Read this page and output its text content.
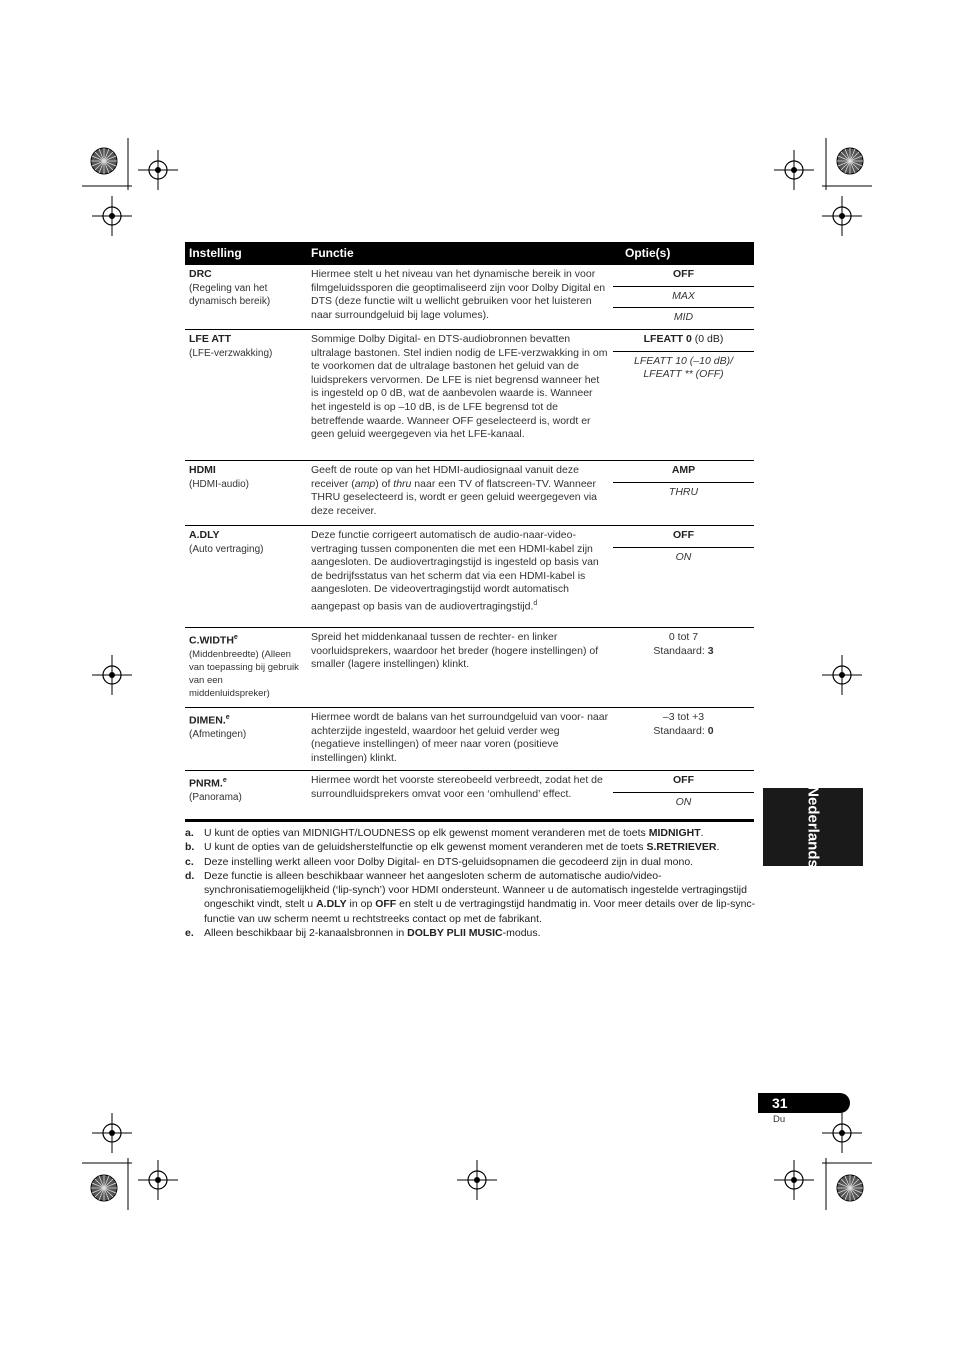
Instelling	Functie	Optie(s)
DRC
(Regeling van het dynamisch bereik)
Hiermee stelt u het niveau van het dynamische bereik in voor filmgeluidssporen die geoptimaliseerd zijn voor Dolby Digital en DTS (deze functie wilt u wellicht gebruiken voor het luisteren naar surroundgeluid bij lage volumes).
OFF
MAX
MID
LFE ATT
(LFE-verzwakking)
Sommige Dolby Digital- en DTS-audiobronnen bevatten ultralage bastonen. Stel indien nodig de LFE-verzwakking in om te voorkomen dat de ultralage bastonen het geluid van de luidsprekers vervormen. De LFE is niet begrensd wanneer het is ingesteld op 0 dB, wat de aanbevolen waarde is. Wanneer het ingesteld is op –10 dB, is de LFE begrensd tot de betreffende waarde. Wanneer OFF geselecteerd is, wordt er geen geluid weergegeven via het LFE-kanaal.
LFEATT 0 (0 dB)
LFEATT 10 (–10 dB)/ LFEATT ** (OFF)
HDMI
(HDMI-audio)
Geeft de route op van het HDMI-audiosignaal vanuit deze receiver (amp) of thru naar een TV of flatscreen-TV. Wanneer THRU geselecteerd is, wordt er geen geluid weergegeven via deze receiver.
AMP
THRU
A.DLY
(Auto vertraging)
Deze functie corrigeert automatisch de audio-naar-video-vertraging tussen componenten die met een HDMI-kabel zijn aangesloten. De audiovertragingstijd is ingesteld op basis van de bedrijfsstatus van het scherm dat via een HDMI-kabel is aangesloten. De videovertragingstijd wordt automatisch aangepast op basis van de audiovertragingstijd.$^d$
OFF
ON
C.WIDTH$^e$
(Middenbreedte) (Alleen van toepassing bij gebruik van een middenluidspreker)
Spreid het middenkanaal tussen de rechter- en linker voorluidsprekers, waardoor het breder (hogere instellingen) of smaller (lagere instellingen) klinkt.
0 tot 7
Standaard: 3
DIMEN.$^e$
(Afmetingen)
Hiermee wordt de balans van het surroundgeluid van voor- naar achterzijde ingesteld, waardoor het geluid verder weg (negatieve instellingen) of meer naar voren (positieve instellingen) klinkt.
–3 tot +3
Standaard: 0
PNRM.$^e$
(Panorama)
Hiermee wordt het voorste stereobeeld verbreedt, zodat het de surroundluidsprekers omvat voor een ‘omhullend’ effect.
OFF
ON
a. U kunt de opties van MIDNIGHT/LOUDNESS op elk gewenst moment veranderen met de toets MIDNIGHT.
b. U kunt de opties van de geluidsherstelfunctie op elk gewenst moment veranderen met de toets S.RETRIEVER.
c. Deze instelling werkt alleen voor Dolby Digital- en DTS-geluidsopnamen die gecodeerd zijn in dual mono.
d. Deze functie is alleen beschikbaar wanneer het aangesloten scherm de automatische audio/video-synchronisatiemogelijkheid (‘lip-synch’) voor HDMI ondersteunt. Wanneer u de automatisch ingestelde vertragingstijd ongeschikt vindt, stelt u A.DLY in op OFF en stelt u de vertragingstijd handmatig in. Voor meer details over de lip-sync-functie van uw scherm neemt u rechtstreeks contact op met de fabrikant.
e. Alleen beschikbaar bij 2-kanaalsbronnen in DOLBY PLII MUSIC-modus.
Nederlands
31
Du
